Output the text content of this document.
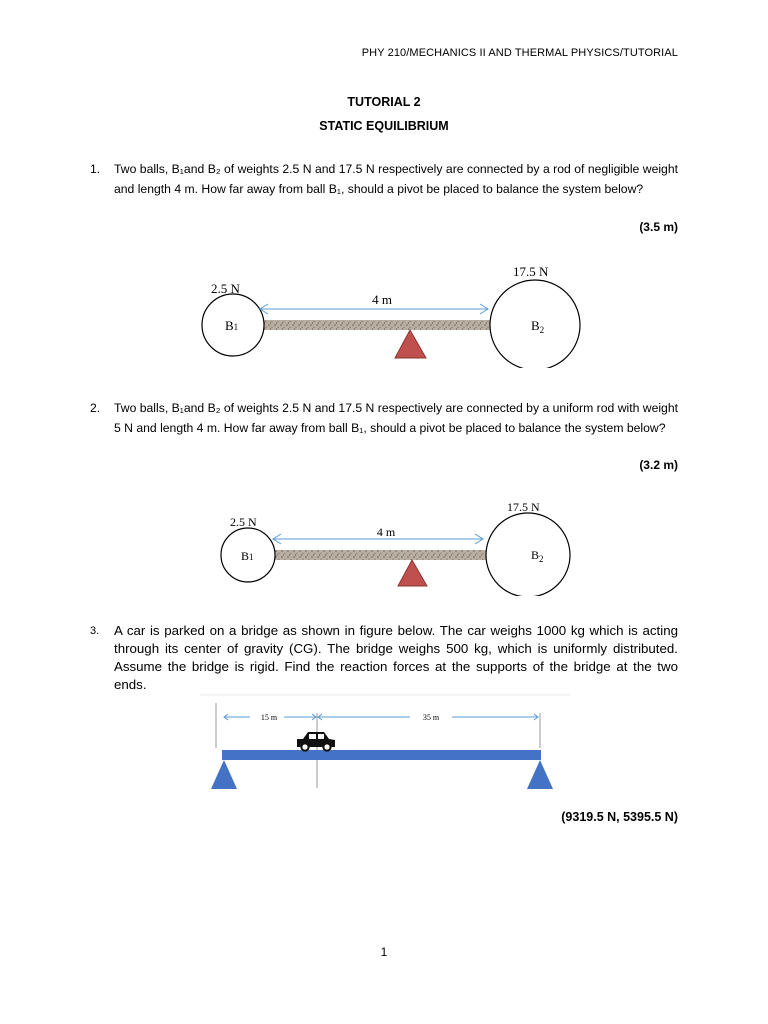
PHY 210/MECHANICS II AND THERMAL PHYSICS/TUTORIAL
TUTORIAL 2
STATIC EQUILIBRIUM
1. Two balls, B₁and B₂ of weights 2.5 N and 17.5 N respectively are connected by a rod of negligible weight and length 4 m. How far away from ball B₁, should a pivot be placed to balance the system below?
(3.5 m)
4 m
2.5 N
17.5 N
B1	$B_2$
2. Two balls, B₁and B₂ of weights 2.5 N and 17.5 N respectively are connected by a uniform rod with weight 5 N and length 4 m. How far away from ball B₁, should a pivot be placed to balance the system below?
(3.2 m)
4 m
2.5 N
17.5 N
B1	$B_2$
3. A car is parked on a bridge as shown in figure below. The car weighs 1000 kg which is acting through its center of gravity (CG). The bridge weighs 500 kg, which is uniformly distributed. Assume the bridge is rigid. Find the reaction forces at the supports of the bridge at the two ends.
15 m	35 m
(9319.5 N, 5395.5 N)
1
